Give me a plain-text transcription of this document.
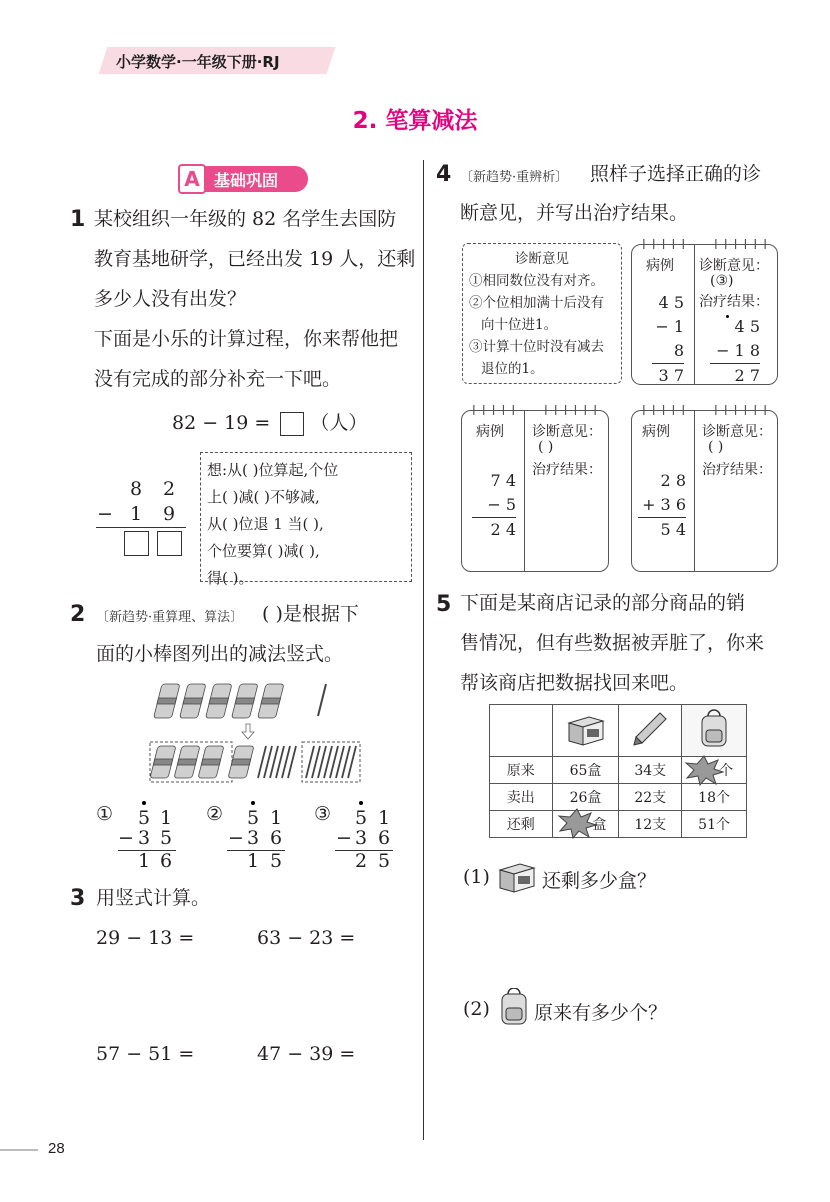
小学数学·一年级下册·RJ
2. 笔算减法
A 基础巩固
1 某校组织一年级的 82 名学生去国防
教育基地研学，已经出发 19 人，还剩
多少人没有出发？
下面是小乐的计算过程，你来帮他把
没有完成的部分补充一下吧。
82 − 19 = （人）
8 2
− 1 9
想:从( )位算起,个位
上( )减( )不够减,
从( )位退 1 当( ),
个位要算( )减( ),
得( )。
2 〔新趋势·重算理、算法〕 ( )是根据下
面的小棒图列出的减法竖式。
① 5 1
− 3 5
1 6
② 5 1
− 3 6
1 5
③ 5 1
− 3 6
2 5
3 用竖式计算。
29 − 13 =	63 − 23 =
57 − 51 =	47 − 39 =
4 〔新趋势·重辨析〕 照样子选择正确的诊
断意见，并写出治疗结果。
诊断意见
①相同数位没有对齐。
②个位相加满十后没有
向十位进1。
③计算十位时没有减去
退位的1。
病例 诊断意见：
(③)
治疗结果：
4 5
− 1 8
3 7
4 5
− 1 8
2 7
病例 诊断意见：
( )
治疗结果：
7 4
− 5
2 4
病例 诊断意见：
( )
治疗结果：
2 8
+ 3 6
5 4
5 下面是某商店记录的部分商品的销
售情况，但有些数据被弄脏了，你来
帮该商店把数据找回来吧。

原来	65盒	34支	个
卖出	26盒	22支	18个
还剩	盒	12支	51个
(1)	还剩多少盒？
(2) 原来有多少个？
28
